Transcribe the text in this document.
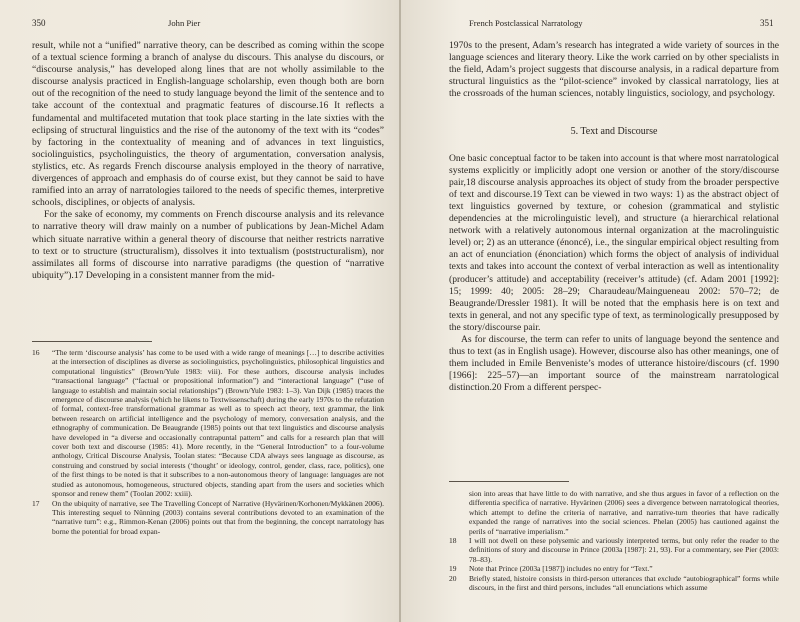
350	John Pier

result, while not a “unified” narrative theory, can be described as coming within the scope of a textual science forming a branch of analyse du discours. This analyse du discours, or “discourse analysis,” has developed along lines that are not wholly assimilable to the discourse analysis practiced in English-language scholarship, even though both are born out of the recognition of the need to study language beyond the limit of the sentence and to take account of the contextual and pragmatic features of discourse.16 It reflects a fundamental and multifaceted mutation that took place starting in the late sixties with the eclipsing of structural linguistics and the rise of the autonomy of the text with its “codes” by factoring in the contextuality of meaning and of advances in text linguistics, sociolinguistics, psycholinguistics, the theory of argumentation, conversation analysis, stylistics, etc. As regards French discourse analysis employed in the theory of narrative, divergences of approach and emphasis do of course exist, but they cannot be said to have ramified into an array of narratologies tailored to the needs of specific themes, interpretive schools, disciplines, or objects of analysis.

For the sake of economy, my comments on French discourse analysis and its relevance to narrative theory will draw mainly on a number of publications by Jean-Michel Adam which situate narrative within a general theory of discourse that neither restricts narrative to text or to structure (structuralism), dissolves it into textualism (poststructuralism), nor assimilates all forms of discourse into narrative paradigms (the question of “narrative ubiquity”).17 Developing in a consistent manner from the mid-

16	“The term ‘discourse analysis’ has come to be used with a wide range of meanings […] to describe activities at the intersection of disciplines as diverse as sociolinguistics, psycholinguistics, philosophical linguistics and computational linguistics” (Brown/Yule 1983: viii). For these authors, discourse analysis includes “transactional language” (“factual or propositional information”) and “interactional language” (“use of language to establish and maintain social relationships”) (Brown/Yule 1983: 1–3). Van Dijk (1985) traces the emergence of discourse analysis (which he likens to Textwissenschaft) during the early 1970s to the refutation of formal, context-free transformational grammar as well as to speech act theory, text grammar, the link between research on artificial intelligence and the psychology of memory, conversation analysis, and the ethnography of communication. De Beaugrande (1985) points out that text linguistics and discourse analysis have developed in “a diverse and occasionally contrapuntal pattern” and calls for a research plan that will cover both text and discourse (1985: 41). More recently, in the “General Introduction” to a four-volume anthology, Critical Discourse Analysis, Toolan states: “Because CDA always sees language as discourse, as construing and construed by social interests (‘thought’ or ideology, control, gender, class, race, politics), one of the first things to be noted is that it subscribes to a non-autonomous theory of language: languages are not studied as autonomous, homogeneous, structured objects, standing apart from the users and societies which sponsor and renew them” (Toolan 2002: xxiii).
17	On the ubiquity of narrative, see The Travelling Concept of Narrative (Hyvärinen/Korhonen/Mykkänen 2006). This interesting sequel to Nünning (2003) contains several contributions devoted to an examination of the “narrative turn”: e.g., Rimmon-Kenan (2006) points out that from the beginning, the concept narratology has borne the potential for broad expan-
French Postclassical Narratology	351

1970s to the present, Adam’s research has integrated a wide variety of sources in the language sciences and literary theory. Like the work carried on by other specialists in the field, Adam’s project suggests that discourse analysis, in a radical departure from structural linguistics as the “pilot-science” invoked by classical narratology, lies at the crossroads of the human sciences, notably linguistics, sociology, and psychology.

5. Text and Discourse

One basic conceptual factor to be taken into account is that where most narratological systems explicitly or implicitly adopt one version or another of the story/discourse pair,18 discourse analysis approaches its object of study from the broader perspective of text and discourse.19 Text can be viewed in two ways: 1) as the abstract object of text linguistics governed by texture, or cohesion (grammatical and stylistic dependencies at the microlinguistic level), and structure (a hierarchical relational network with a relatively autonomous internal organization at the macrolinguistic level) or; 2) as an utterance (énoncé), i.e., the singular empirical object resulting from an act of enunciation (énonciation) which forms the object of analysis of individual texts and takes into account the context of verbal interaction as well as intentionality (producer’s attitude) and acceptability (receiver’s attitude) (cf. Adam 2001 [1992]: 15; 1999: 40; 2005: 28–29; Charaudeau/Maingueneau 2002: 570–72; de Beaugrande/Dressler 1981). It will be noted that the emphasis here is on text and texts in general, and not any specific type of text, as terminologically presupposed by the story/discourse pair.

As for discourse, the term can refer to units of language beyond the sentence and thus to text (as in English usage). However, discourse also has other meanings, one of them included in Emile Benveniste’s modes of utterance histoire/discours (cf. 1990 [1966]: 225–57)—an important source of the mainstream narratological distinction.20 From a different perspec-

sion into areas that have little to do with narrative, and she thus argues in favor of a reflection on the differentia specifica of narrative. Hyvärinen (2006) sees a divergence between narratological theories, which attempt to define the criteria of narrative, and narrative-turn theories that have radically expanded the range of narratives into the social sciences. Phelan (2005) has cautioned against the perils of “narrative imperialism.”
18	I will not dwell on these polysemic and variously interpreted terms, but only refer the reader to the definitions of story and discourse in Prince (2003a [1987]: 21, 93). For a commentary, see Pier (2003: 78–83).
19	Note that Prince (2003a [1987]) includes no entry for “Text.”
20	Briefly stated, histoire consists in third-person utterances that exclude “autobiographical” forms while discours, in the first and third persons, includes “all enunciations which assume
